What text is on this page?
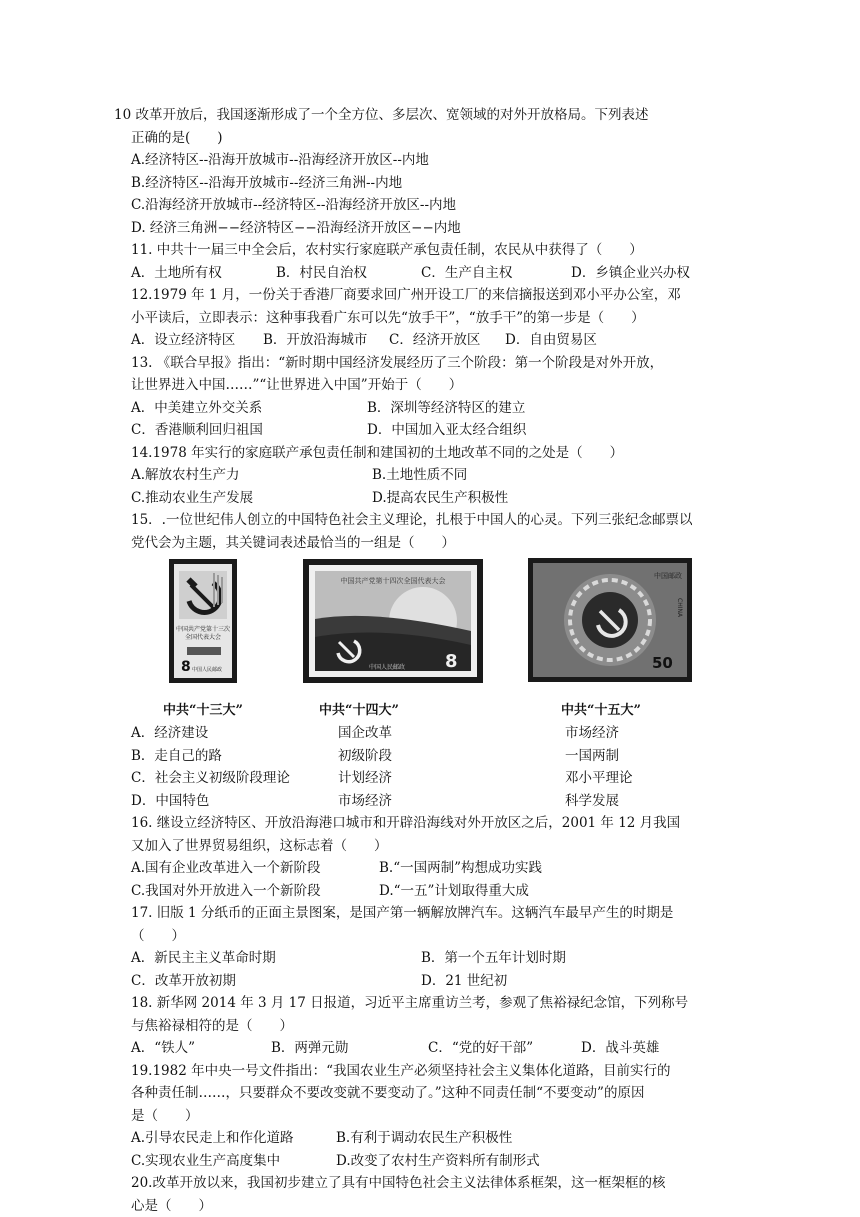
10 改革开放后，我国逐渐形成了一个全方位、多层次、宽领域的对外开放格局。下列表述
正确的是(　　)
A.经济特区--沿海开放城市--沿海经济开放区--内地
B.经济特区--沿海开放城市--经济三角洲--内地
C.沿海经济开放城市--经济特区--沿海经济开放区--内地
D. 经济三角洲−−经济特区−−沿海经济开放区−−内地
11. 中共十一届三中全会后，农村实行家庭联产承包责任制，农民从中获得了（　　）
A．土地所有权	B．村民自治权	C．生产自主权	D．乡镇企业兴办权
12.1979 年 1 月，一份关于香港厂商要求回广州开设工厂的来信摘报送到邓小平办公室，邓
小平读后，立即表示：这种事我看广东可以先“放手干”，“放手干”的第一步是（　　）
A．设立经济特区 B．开放沿海城市 C．经济开放区 D．自由贸易区
13. 《联合早报》指出：“新时期中国经济发展经历了三个阶段：第一个阶段是对外开放，
让世界进入中国……”“让世界进入中国”开始于（　　）
A．中美建立外交关系	B．深圳等经济特区的建立
C．香港顺利回归祖国	D．中国加入亚太经合组织
14.1978 年实行的家庭联产承包责任制和建国初的土地改革不同的之处是（　　）
A.解放农村生产力	B.土地性质不同
C.推动农业生产发展	D.提高农民生产积极性
15．.一位世纪伟人创立的中国特色社会主义理论，扎根于中国人的心灵。下列三张纪念邮票以
党代会为主题，其关键词表述最恰当的一组是（　　）
中国共产党第十三次
全国代表大会
8 中国人民邮政
中国共产党第十四次全国代表大会
8
中国人民邮政
中国邮政
CHINA
50
中共“十三大”	中共“十四大”	中共“十五大”
A．经济建设	国企改革	市场经济
B．走自己的路	初级阶段	一国两制
C．社会主义初级阶段理论	计划经济	邓小平理论
D．中国特色	市场经济	科学发展
16. 继设立经济特区、开放沿海港口城市和开辟沿海线对外开放区之后，2001 年 12 月我国
又加入了世界贸易组织，这标志着（　　）
A.国有企业改革进入一个新阶段	B.“一国两制”构想成功实践
C.我国对外开放进入一个新阶段	D.“一五”计划取得重大成
17. 旧版 1 分纸币的正面主景图案，是国产第一辆解放牌汽车。这辆汽车最早产生的时期是
（　　）
A．新民主主义革命时期	B．第一个五年计划时期
C．改革开放初期	D．21 世纪初
18. 新华网 2014 年 3 月 17 日报道，习近平主席重访兰考，参观了焦裕禄纪念馆，下列称号
与焦裕禄相符的是（　　）
A．“铁人”	B．两弹元勋	C．“党的好干部”	D．战斗英雄
19.1982 年中央一号文件指出：“我国农业生产必须坚持社会主义集体化道路，目前实行的
各种责任制……，只要群众不要改变就不要变动了。”这种不同责任制“不要变动”的原因
是（　　）
A.引导农民走上和作化道路	B.有利于调动农民生产积极性
C.实现农业生产高度集中	D.改变了农村生产资料所有制形式
20.改革开放以来，我国初步建立了具有中国特色社会主义法律体系框架，这一框架框的核
心是（　　）
